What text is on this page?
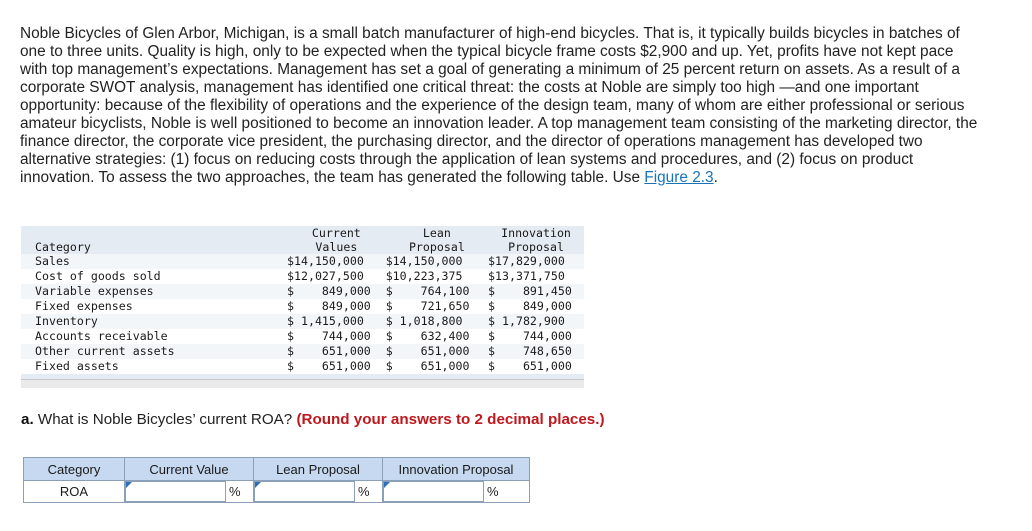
Noble Bicycles of Glen Arbor, Michigan, is a small batch manufacturer of high-end bicycles. That is, it typically builds bicycles in batches of one to three units. Quality is high, only to be expected when the typical bicycle frame costs $2,900 and up. Yet, profits have not kept pace with top management’s expectations. Management has set a goal of generating a minimum of 25 percent return on assets. As a result of a corporate SWOT analysis, management has identified one critical threat: the costs at Noble are simply too high —and one important opportunity: because of the flexibility of operations and the experience of the design team, many of whom are either professional or serious amateur bicyclists, Noble is well positioned to become an innovation leader. A top management team consisting of the marketing director, the finance director, the corporate vice president, the purchasing director, and the director of operations management has developed two alternative strategies: (1) focus on reducing costs through the application of lean systems and procedures, and (2) focus on product innovation. To assess the two approaches, the team has generated the following table. Use Figure 2.3.
	Current	Lean	Innovation
Category	Values	Proposal	Proposal
Sales	$14,150,000	$14,150,000	$17,829,000
Cost of goods sold	$12,027,500	$10,223,375	$13,371,750
Variable expenses	$    849,000	$    764,100	$    891,450
Fixed expenses	$    849,000	$    721,650	$    849,000
Inventory	$ 1,415,000	$ 1,018,800	$ 1,782,900
Accounts receivable	$    744,000	$    632,400	$    744,000
Other current assets	$    651,000	$    651,000	$    748,650
Fixed assets	$    651,000	$    651,000	$    651,000
a. What is Noble Bicycles’ current ROA? (Round your answers to 2 decimal places.)
Category	Current Value	Lean Proposal	Innovation Proposal
ROA	%	%	%
